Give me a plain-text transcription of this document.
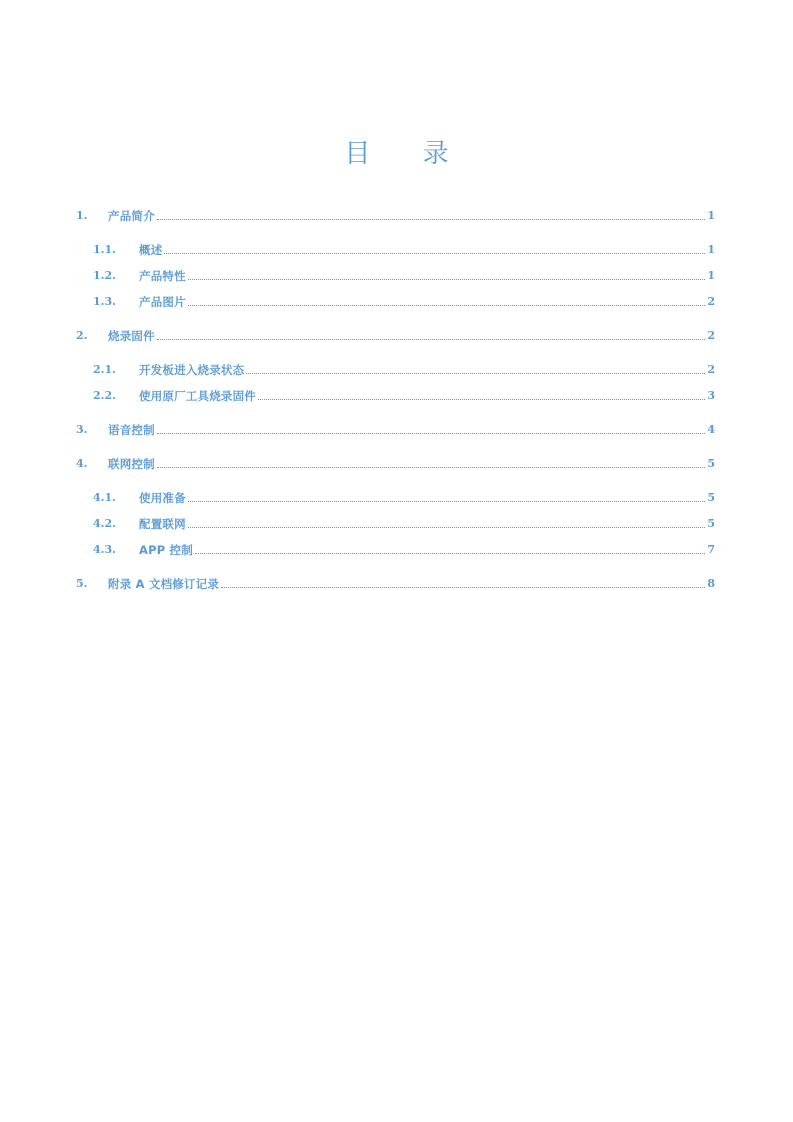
目 录
1.	产品简介	1
1.1.	概述	1
1.2.	产品特性	1
1.3.	产品图片	2
2.	烧录固件	2
2.1.	开发板进入烧录状态	2
2.2.	使用原厂工具烧录固件	3
3.	语音控制	4
4.	联网控制	5
4.1.	使用准备	5
4.2.	配置联网	5
4.3.	APP 控制	7
5.	附录 A 文档修订记录	8
